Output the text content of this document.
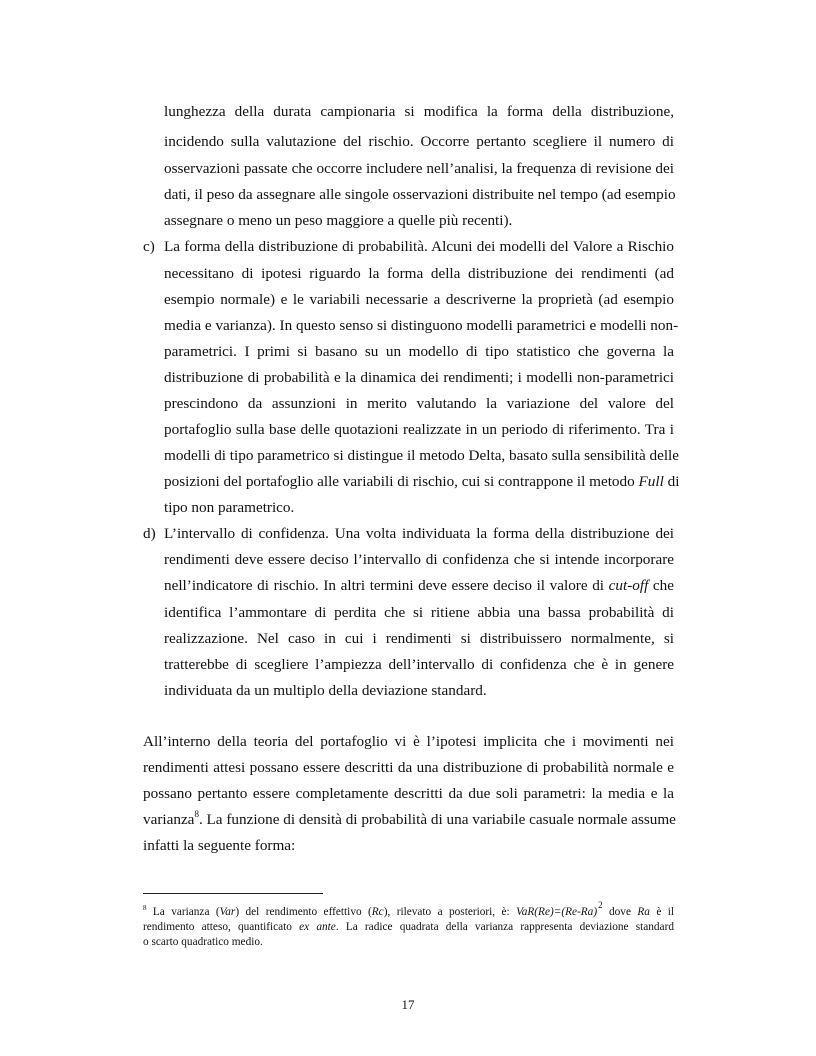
lunghezza della durata campionaria si modifica la forma della distribuzione,
incidendo sulla valutazione del rischio. Occorre pertanto scegliere il numero di
osservazioni passate che occorre includere nell’analisi, la frequenza di revisione dei
dati, il peso da assegnare alle singole osservazioni distribuite nel tempo (ad esempio
assegnare o meno un peso maggiore a quelle più recenti).
c) La forma della distribuzione di probabilità. Alcuni dei modelli del Valore a Rischio
necessitano di ipotesi riguardo la forma della distribuzione dei rendimenti (ad
esempio normale) e le variabili necessarie a descriverne la proprietà (ad esempio
media e varianza). In questo senso si distinguono modelli parametrici e modelli non-
parametrici. I primi si basano su un modello di tipo statistico che governa la
distribuzione di probabilità e la dinamica dei rendimenti; i modelli non-parametrici
prescindono da assunzioni in merito valutando la variazione del valore del
portafoglio sulla base delle quotazioni realizzate in un periodo di riferimento. Tra i
modelli di tipo parametrico si distingue il metodo Delta, basato sulla sensibilità delle
posizioni del portafoglio alle variabili di rischio, cui si contrappone il metodo Full di
tipo non parametrico.
d) L’intervallo di confidenza. Una volta individuata la forma della distribuzione dei
rendimenti deve essere deciso l’intervallo di confidenza che si intende incorporare
nell’indicatore di rischio. In altri termini deve essere deciso il valore di cut-off che
identifica l’ammontare di perdita che si ritiene abbia una bassa probabilità di
realizzazione. Nel caso in cui i rendimenti si distribuissero normalmente, si
tratterebbe di scegliere l’ampiezza dell’intervallo di confidenza che è in genere
individuata da un multiplo della deviazione standard.
All’interno della teoria del portafoglio vi è l’ipotesi implicita che i movimenti nei
rendimenti attesi possano essere descritti da una distribuzione di probabilità normale e
possano pertanto essere completamente descritti da due soli parametri: la media e la
varianza$^8$. La funzione di densità di probabilità di una variabile casuale normale assume
infatti la seguente forma:
$^8$ La varianza (Var) del rendimento effettivo (Rc), rilevato a posteriori, è: $VaR(Re)=(Re-Ra)^2$ dove Ra è il
rendimento atteso, quantificato ex ante. La radice quadrata della varianza rappresenta deviazione standard
o scarto quadratico medio.
17
